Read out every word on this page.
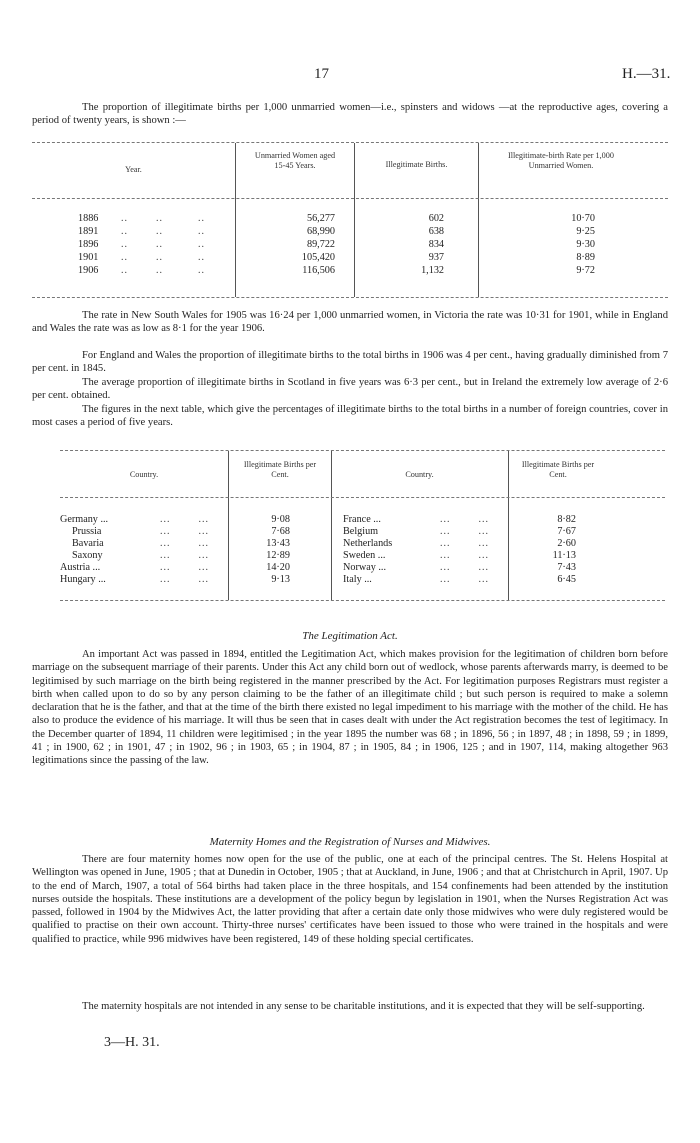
17	H.—31.
The proportion of illegitimate births per 1,000 unmarried women—i.e., spinsters and widows —at the reproductive ages, covering a period of twenty years, is shown :—
Year.
Unmarried Women aged 15-45 Years.	Illegitimate Births.
Illegitimate-birth Rate per 1,000 Unmarried Women.
1886 ..        ..          ..	56,277	602	10·70
1891 ..        ..          ..	68,990	638	9·25
1896 ..        ..          ..	89,722	834	9·30
1901 ..        ..          ..	105,420	937	8·89
1906 ..        ..          ..	116,506	1,132	9·72
The rate in New South Wales for 1905 was 16·24 per 1,000 unmarried women, in Victoria the rate was 10·31 for 1901, while in England and Wales the rate was as low as 8·1 for the year 1906.
For England and Wales the proportion of illegitimate births to the total births in 1906 was 4 per cent., having gradually diminished from 7 per cent. in 1845.
The average proportion of illegitimate births in Scotland in five years was 6·3 per cent., but in Ireland the extremely low average of 2·6 per cent. obtained.
The figures in the next table, which give the percentages of illegitimate births to the total births in a number of foreign countries, cover in most cases a period of five years.
Country.
Illegitimate Births per Cent.	Country.
Illegitimate Births per Cent.
Germany ...	...        ...	9·08
Prussia	...        ...	7·68
Bavaria	...        ...	13·43
Saxony	...        ...	12·89
Austria ...	...        ...	14·20
Hungary ...	...        ...	9·13
France ...	...        ...	8·82
Belgium	...        ...	7·67
Netherlands	...        ...	2·60
Sweden ...	...        ...	11·13
Norway ...	...        ...	7·43
Italy ...	...        ...	6·45
The Legitimation Act.
An important Act was passed in 1894, entitled the Legitimation Act, which makes provision for the legitimation of children born before marriage on the subsequent marriage of their parents. Under this Act any child born out of wedlock, whose parents afterwards marry, is deemed to be legitimised by such marriage on the birth being registered in the manner prescribed by the Act. For legitimation purposes Registrars must register a birth when called upon to do so by any person claiming to be the father of an illegitimate child ; but such person is required to make a solemn declaration that he is the father, and that at the time of the birth there existed no legal impediment to his marriage with the mother of the child. He has also to produce the evidence of his marriage. It will thus be seen that in cases dealt with under the Act registration becomes the test of legitimacy. In the December quarter of 1894, 11 children were legitimised ; in the year 1895 the number was 68 ; in 1896, 56 ; in 1897, 48 ; in 1898, 59 ; in 1899, 41 ; in 1900, 62 ; in 1901, 47 ; in 1902, 96 ; in 1903, 65 ; in 1904, 87 ; in 1905, 84 ; in 1906, 125 ; and in 1907, 114, making altogether 963 legitimations since the passing of the law.
Maternity Homes and the Registration of Nurses and Midwives.
There are four maternity homes now open for the use of the public, one at each of the principal centres. The St. Helens Hospital at Wellington was opened in June, 1905 ; that at Dunedin in October, 1905 ; that at Auckland, in June, 1906 ; and that at Christchurch in April, 1907. Up to the end of March, 1907, a total of 564 births had taken place in the three hospitals, and 154 confinements had been attended by the institution nurses outside the hospitals. These institutions are a development of the policy begun by legislation in 1901, when the Nurses Registration Act was passed, followed in 1904 by the Midwives Act, the latter providing that after a certain date only those midwives who were duly registered would be qualified to practise on their own account. Thirty-three nurses' certificates have been issued to those who were trained in the hospitals and were qualified to practice, while 996 midwives have been registered, 149 of these holding special certificates.
The maternity hospitals are not intended in any sense to be charitable institutions, and it is expected that they will be self-supporting.
3—H. 31.
